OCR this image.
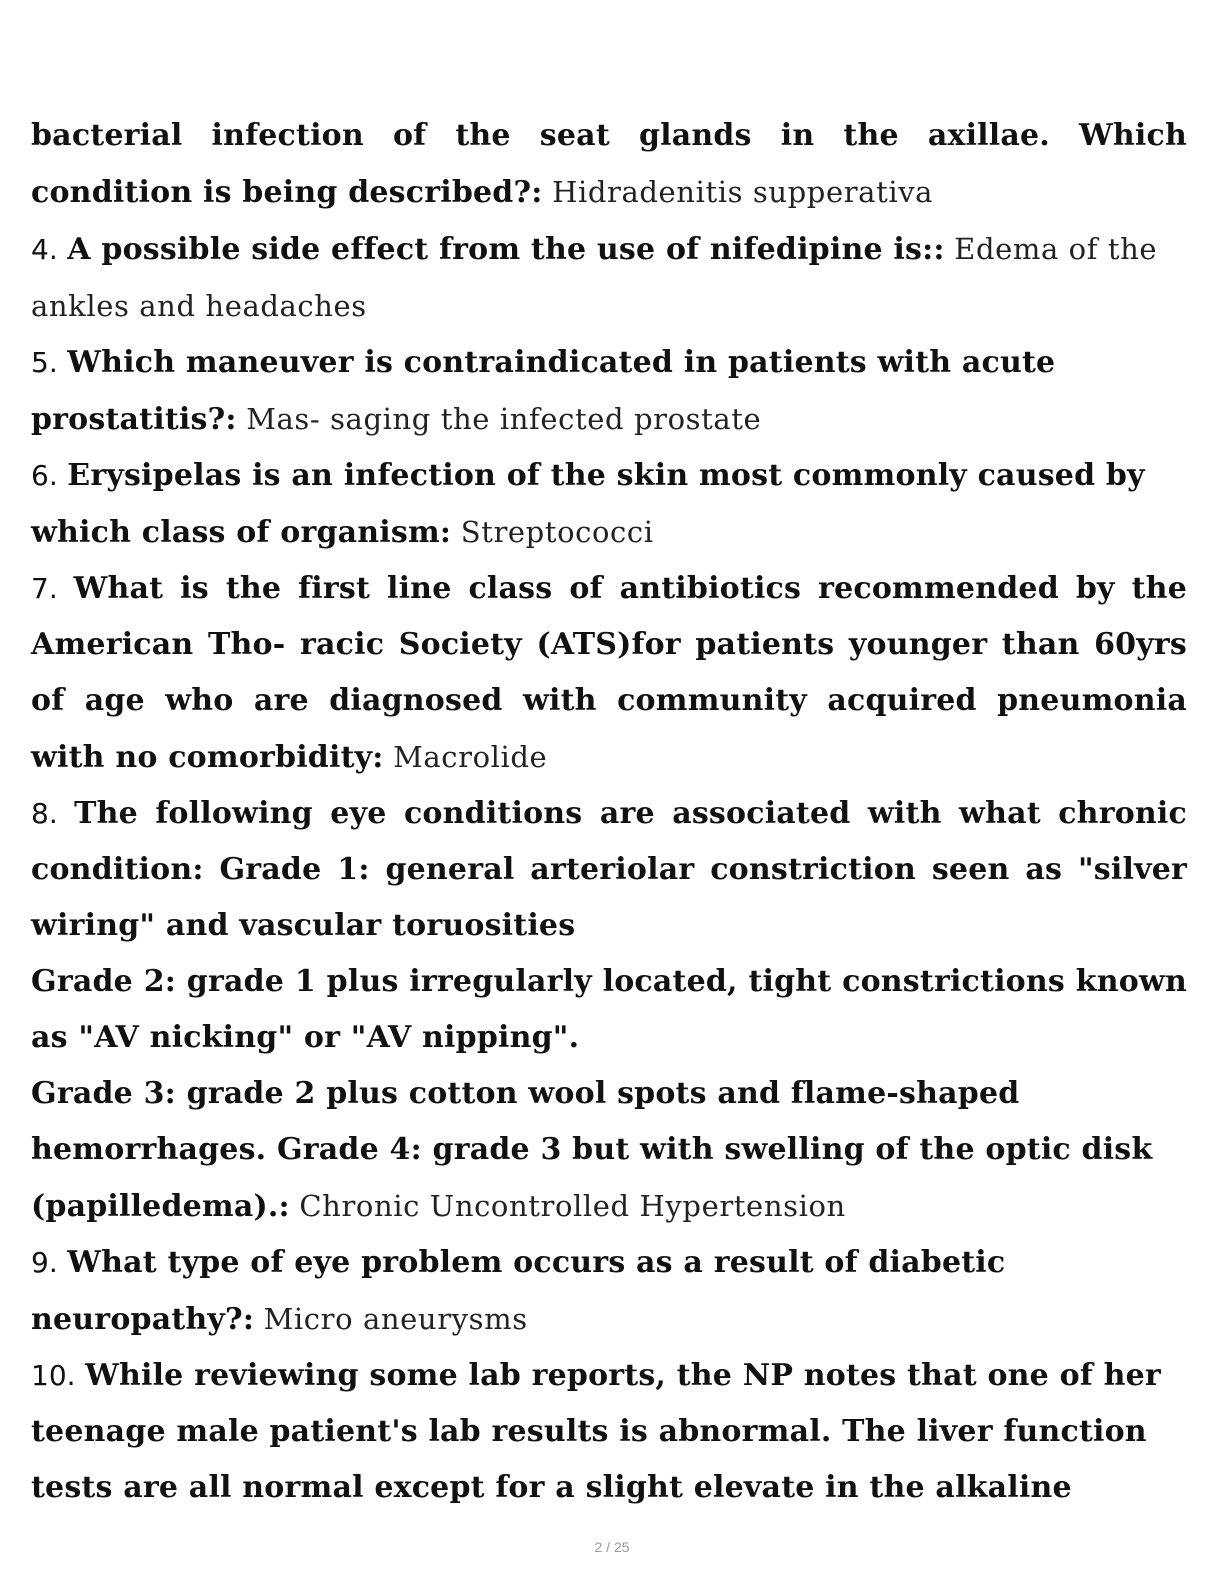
bacterial infection of the seat glands in the axillae. Which condition is being described?: Hidradenitis supperativa

4. A possible side effect from the use of nifedipine is:: Edema of the ankles and headaches

5. Which maneuver is contraindicated in patients with acute prostatitis?: Mas- saging the infected prostate

6. Erysipelas is an infection of the skin most commonly caused by which class of organism: Streptococci

7. What is the first line class of antibiotics recommended by the American Tho- racic Society (ATS)for patients younger than 60yrs of age who are diagnosed with community acquired pneumonia with no comorbidity: Macrolide

8. The following eye conditions are associated with what chronic condition: Grade 1: general arteriolar constriction seen as "silver wiring" and vascular toruosities

Grade 2: grade 1 plus irregularly located, tight constrictions known as "AV nicking" or "AV nipping".

Grade 3: grade 2 plus cotton wool spots and flame-shaped hemorrhages. Grade 4: grade 3 but with swelling of the optic disk (papilledema).: Chronic Uncontrolled Hypertension

9. What type of eye problem occurs as a result of diabetic neuropathy?: Micro aneurysms

10. While reviewing some lab reports, the NP notes that one of her teenage male patient's lab results is abnormal. The liver function tests are all normal except for a slight elevate in the alkaline

2 / 25
